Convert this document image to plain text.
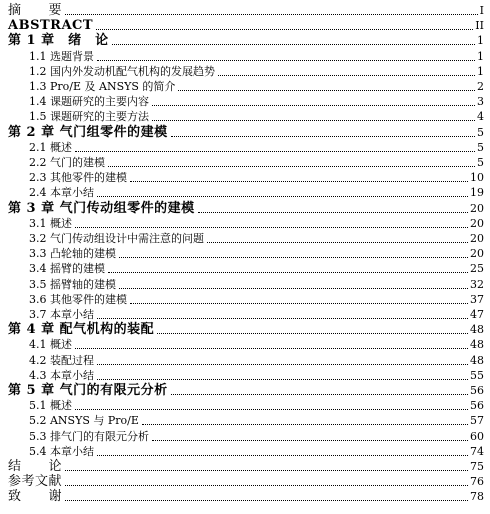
摘　　要	I
ABSTRACT	II
第 1 章　绪　论	1
1.1 选题背景	1
1.2 国内外发动机配气机构的发展趋势	1
1.3 Pro/E 及 ANSYS 的简介	2
1.4 课题研究的主要内容	3
1.5 课题研究的主要方法	4
第 2 章 气门组零件的建模	5
2.1 概述	5
2.2 气门的建模	5
2.3 其他零件的建模	10
2.4 本章小结	19
第 3 章 气门传动组零件的建模	20
3.1 概述	20
3.2 气门传动组设计中需注意的问题	20
3.3 凸轮轴的建模	20
3.4 摇臂的建模	25
3.5 摇臂轴的建模	32
3.6 其他零件的建模	37
3.7 本章小结	47
第 4 章 配气机构的装配	48
4.1 概述	48
4.2 装配过程	48
4.3 本章小结	55
第 5 章 气门的有限元分析	56
5.1 概述	56
5.2 ANSYS 与 Pro/E	57
5.3 排气门的有限元分析	60
5.4 本章小结	74
结　　论	75
参考文献	76
致　　谢	78
